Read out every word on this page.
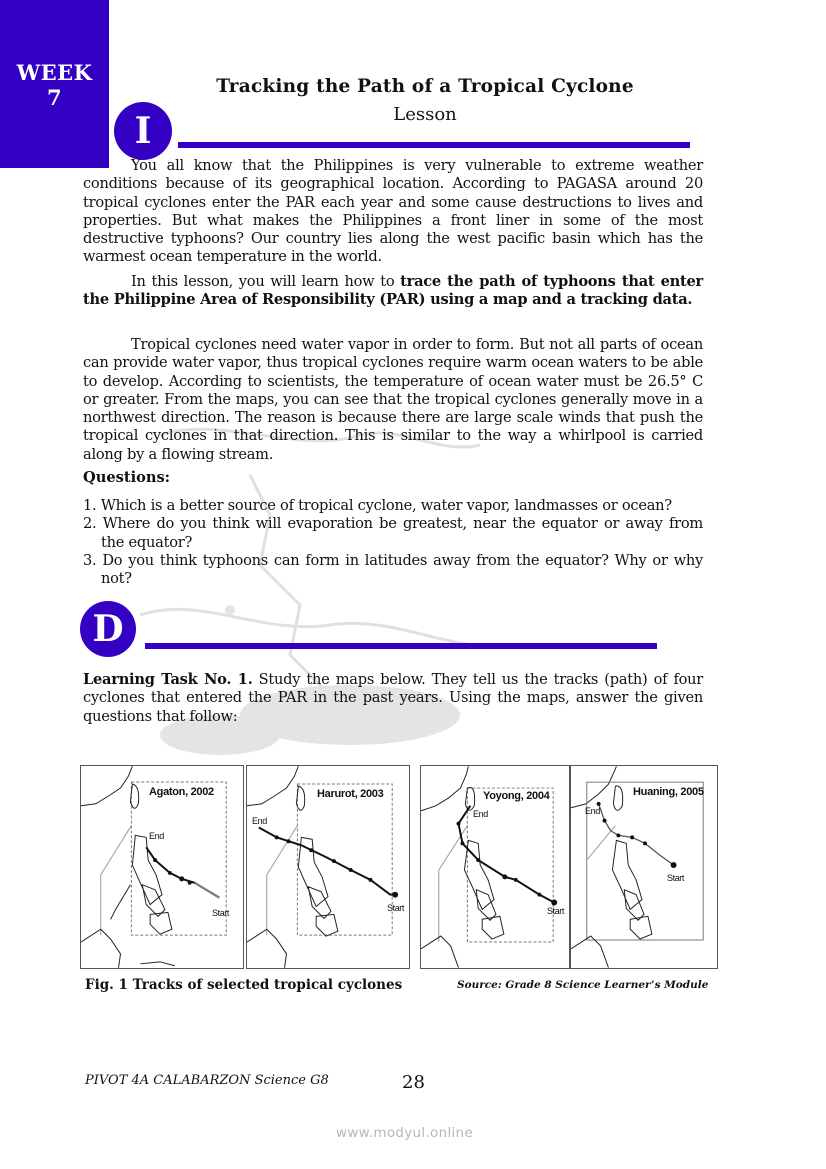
WEEK
7	Tracking the Path of a Tropical Cyclone
Lesson
I

You all know that the Philippines is very vulnerable to extreme weather conditions because of its geographical location. According to PAGASA around 20 tropical cyclones enter the PAR each year and some cause destructions to lives and properties. But what makes the Philippines a front liner in some of the most destructive typhoons? Our country lies along the west pacific basin which has the warmest ocean temperature in the world.

In this lesson, you will learn how to trace the path of typhoons that enter the Philippine Area of Responsibility (PAR) using a map and a tracking data.

Tropical cyclones need water vapor in order to form. But not all parts of ocean can provide water vapor, thus tropical cyclones require warm ocean waters to be able to develop. According to scientists, the temperature of ocean water must be 26.5° C or greater. From the maps, you can see that the tropical cyclones generally move in a northwest direction. The reason is because there are large scale winds that push the tropical cyclones in that direction. This is similar to the way a whirlpool is carried along by a flowing stream.

Questions:
1. Which is a better source of tropical cyclone, water vapor, landmasses or ocean?
2. Where do you think will evaporation be greatest, near the equator or away from the equator?
3. Do you think typhoons can form in latitudes away from the equator? Why or why not?
D

Learning Task No. 1. Study the maps below. They tell us the tracks (path) of four cyclones that entered the PAR in the past years. Using the maps, answer the given questions that follow:

Agaton, 2002
End
Start
Harurot, 2003
End
Start
Yoyong, 2004
End
Start
Huaning, 2005
End
Start
Fig. 1 Tracks of selected tropical cyclones	Source: Grade 8 Science Learner’s Module
PIVOT 4A CALABARZON Science G8	28
www.modyul.online
